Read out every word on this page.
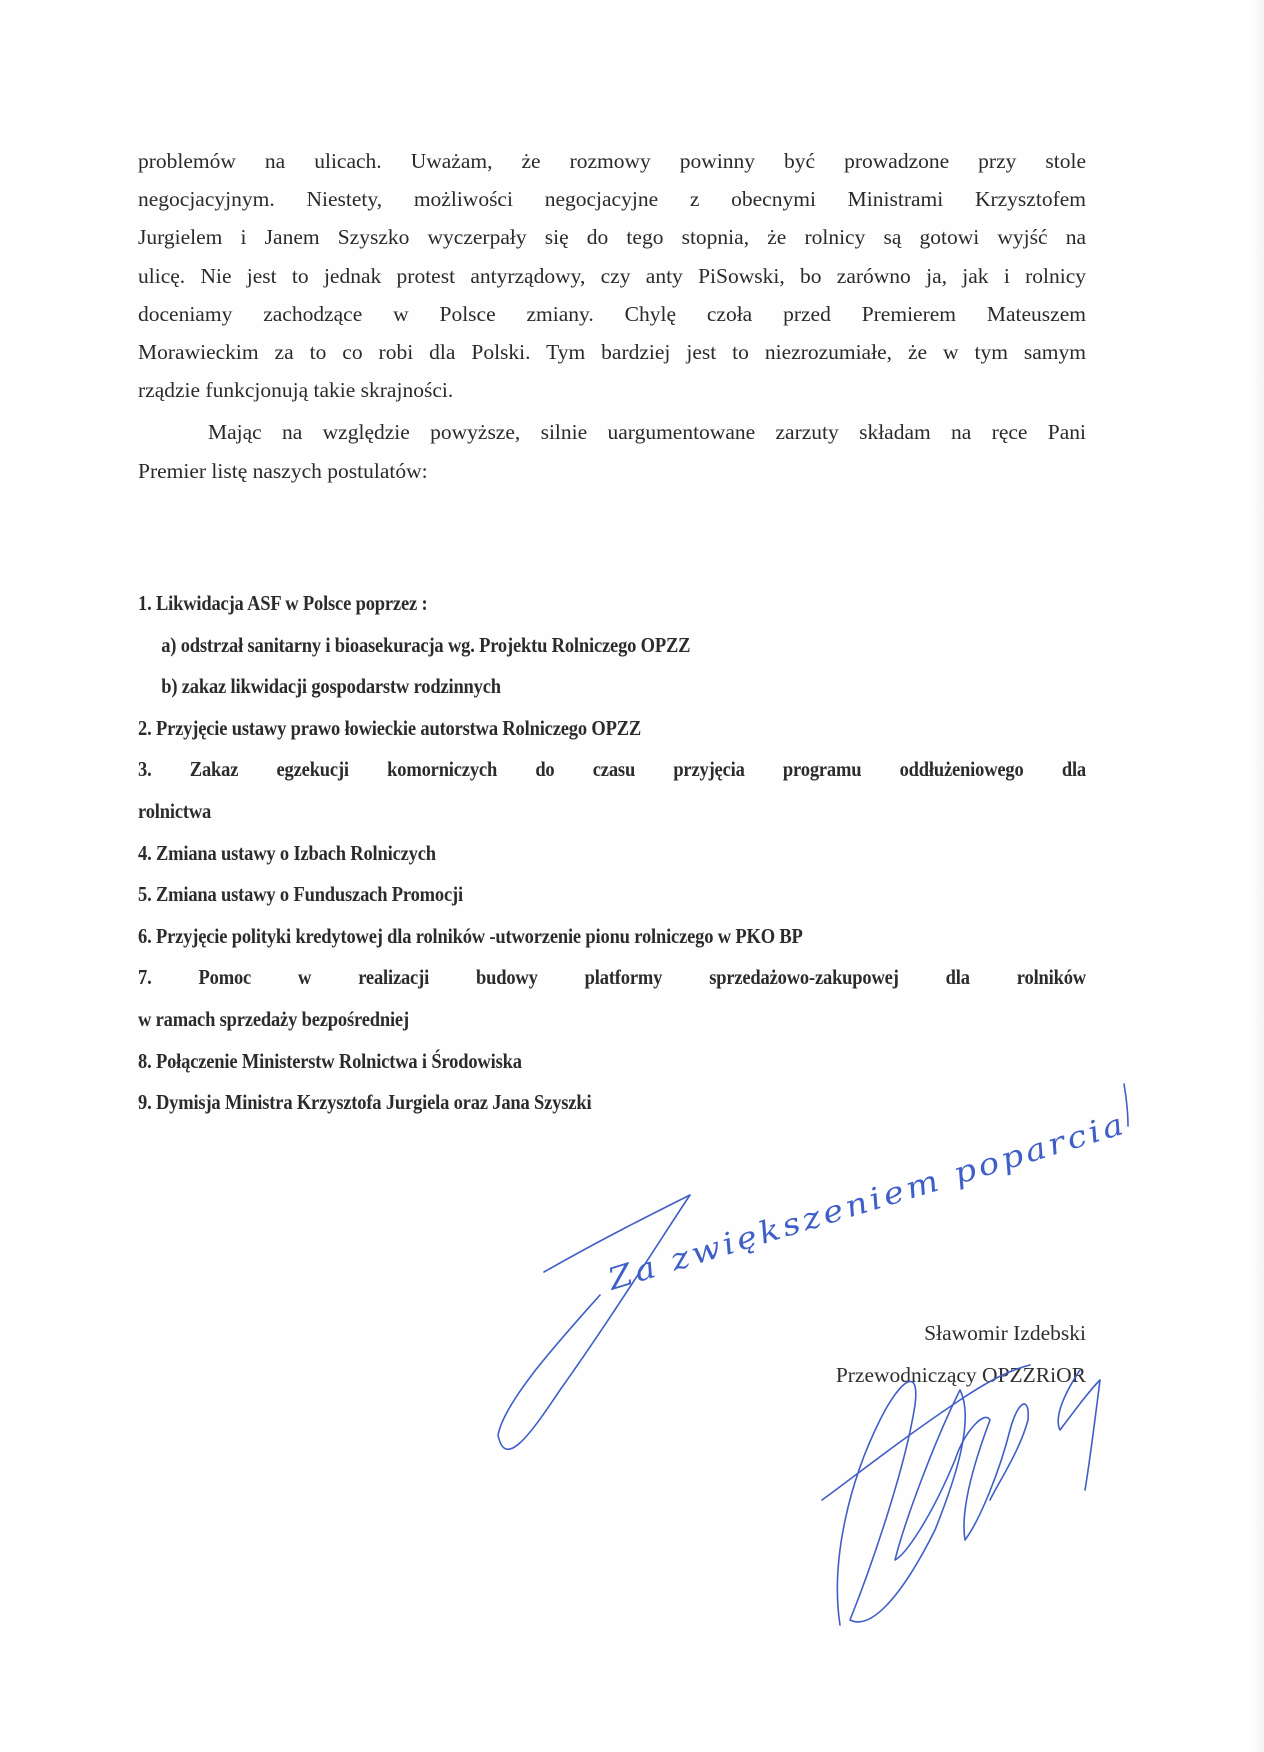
problemów na ulicach. Uważam, że rozmowy powinny być prowadzone przy stole
negocjacyjnym. Niestety, możliwości negocjacyjne z obecnymi Ministrami Krzysztofem
Jurgielem i Janem Szyszko wyczerpały się do tego stopnia, że rolnicy są gotowi wyjść na
ulicę. Nie jest to jednak protest antyrządowy, czy anty PiSowski, bo zarówno ja, jak i rolnicy
doceniamy zachodzące w Polsce zmiany. Chylę czoła przed Premierem Mateuszem
Morawieckim za to co robi dla Polski. Tym bardziej jest to niezrozumiałe, że w tym samym
rządzie funkcjonują takie skrajności.

Mając na względzie powyższe, silnie uargumentowane zarzuty składam na ręce Pani
Premier listę naszych postulatów:

1. Likwidacja ASF w Polsce poprzez :
a) odstrzał sanitarny i bioasekuracja wg. Projektu Rolniczego OPZZ
b) zakaz likwidacji gospodarstw rodzinnych
2. Przyjęcie ustawy prawo łowieckie autorstwa Rolniczego OPZZ
3. Zakaz egzekucji komorniczych do czasu przyjęcia programu oddłużeniowego dla
rolnictwa
4. Zmiana ustawy o Izbach Rolniczych
5. Zmiana ustawy o Funduszach Promocji
6. Przyjęcie polityki kredytowej dla rolników -utworzenie pionu rolniczego w PKO BP
7. Pomoc w realizacji budowy platformy sprzedażowo-zakupowej dla rolników
w ramach sprzedaży bezpośredniej
8. Połączenie Ministerstw Rolnictwa i Środowiska
9. Dymisja Ministra Krzysztofa Jurgiela oraz Jana Szyszki
Sławomir Izdebski
Przewodniczący OPZZRiOR
Za zwiększeniem poparcia
